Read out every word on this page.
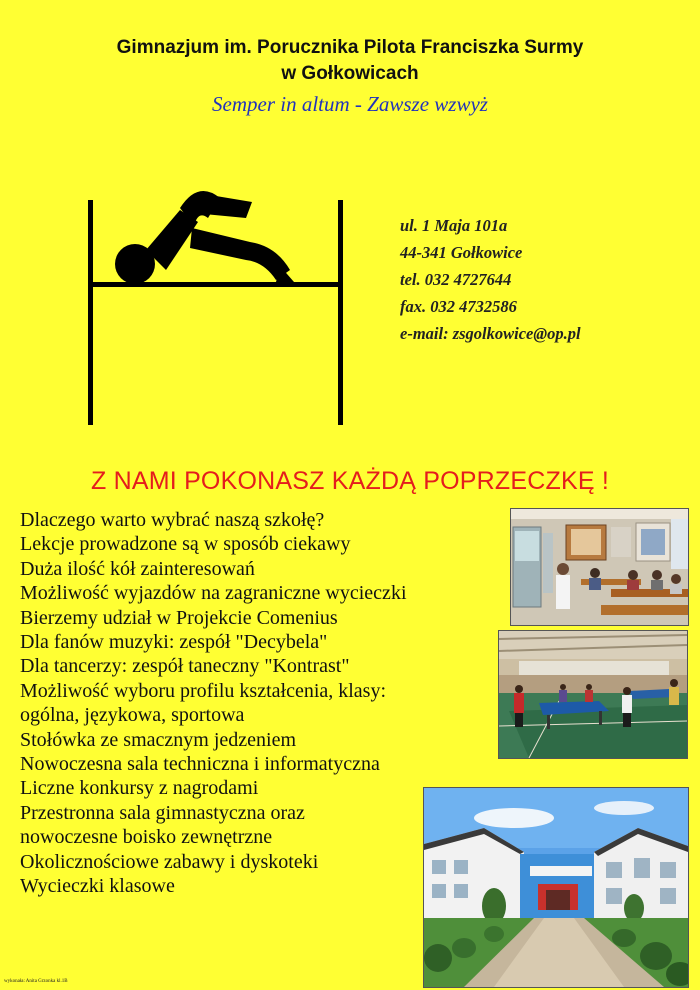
Gimnazjum im. Porucznika Pilota Franciszka Surmy
w Gołkowicach
Semper in altum - Zawsze wzwyż
ul. 1 Maja 101a
44-341 Gołkowice
tel. 032 4727644
fax. 032 4732586
e-mail: zsgolkowice@op.pl
Z NAMI POKONASZ KAŻDĄ POPRZECZKĘ !
Dlaczego warto wybrać naszą szkołę?
Lekcje prowadzone są w sposób ciekawy
Duża ilość kół zainteresowań
Możliwość wyjazdów na zagraniczne wycieczki
Bierzemy udział w Projekcie Comenius
Dla fanów muzyki: zespół "Decybela"
Dla tancerzy: zespół taneczny "Kontrast"
Możliwość wyboru profilu kształcenia, klasy:
ogólna, językowa, sportowa
Stołówka ze smacznym jedzeniem
Nowoczesna sala techniczna i informatyczna
Liczne konkursy z nagrodami
Przestronna sala gimnastyczna oraz
nowoczesne boisko zewnętrzne
Okolicznościowe zabawy i dyskoteki
Wycieczki klasowe
wykonała: Anita Grzonka kl.1B
